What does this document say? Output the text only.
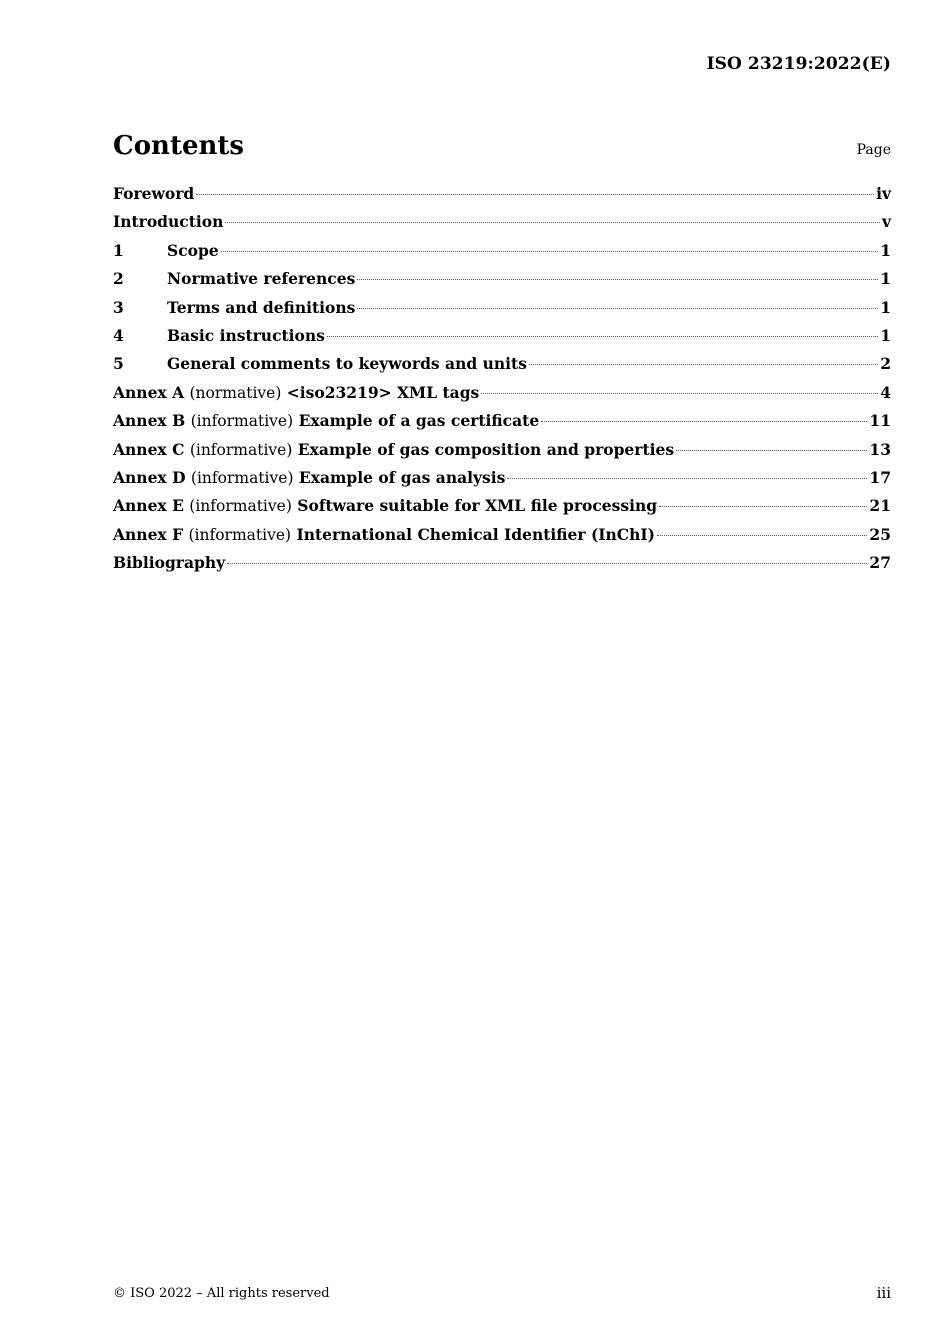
ISO 23219:2022(E)
Contents	Page
Foreword	iv
Introduction	v
1	Scope	1
2	Normative references	1
3	Terms and definitions	1
4	Basic instructions	1
5	General comments to keywords and units	2
Annex A (normative) <iso23219> XML tags	4
Annex B (informative) Example of a gas certificate	11
Annex C (informative) Example of gas composition and properties	13
Annex D (informative) Example of gas analysis	17
Annex E (informative) Software suitable for XML file processing	21
Annex F (informative) International Chemical Identifier (InChI)	25
Bibliography	27
© ISO 2022 – All rights reserved	iii
